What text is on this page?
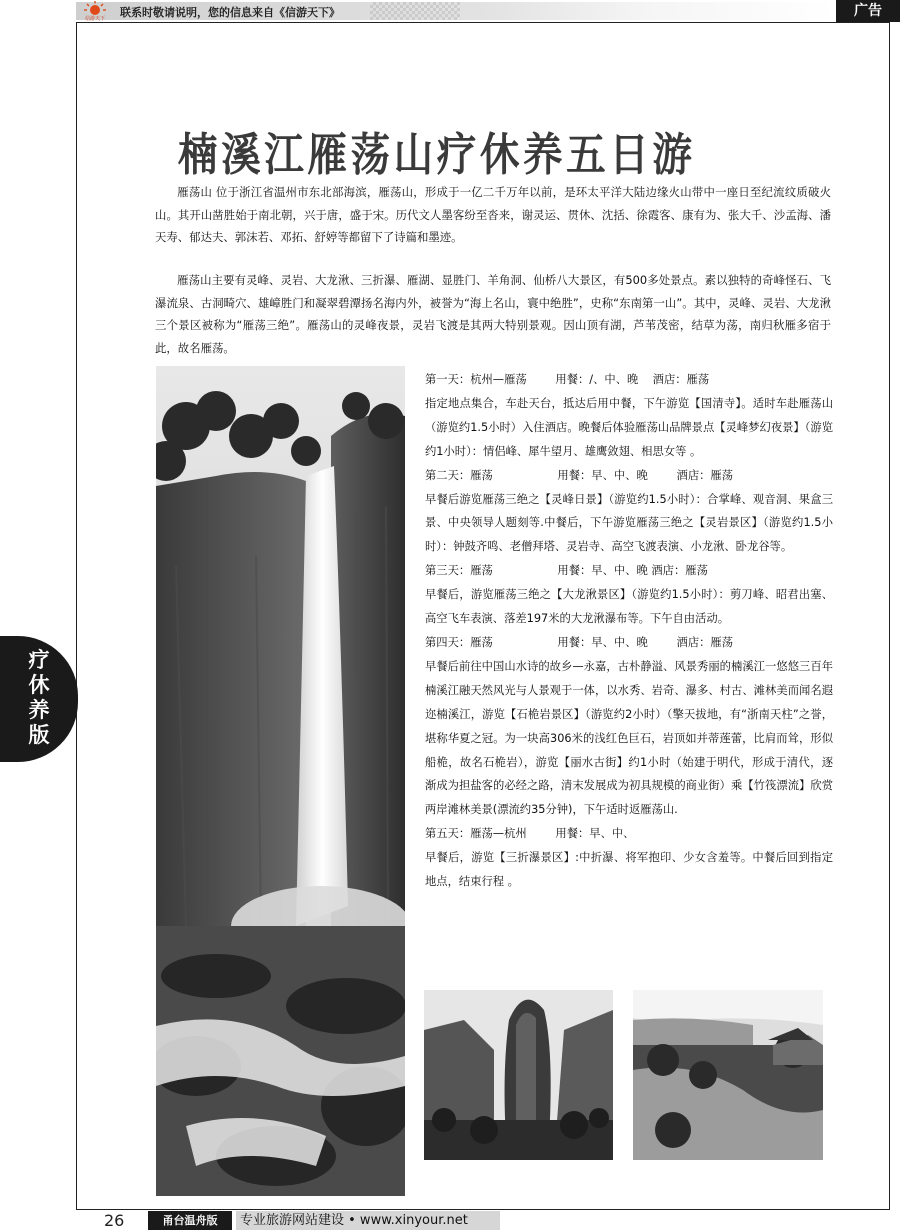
信游天下 联系时敬请说明，您的信息来自《信游天下》	广告
疗
休
养
版
楠溪江雁荡山疗休养五日游

雁荡山 位于浙江省温州市东北部海滨，雁荡山，形成于一亿二千万年以前，是环太平洋大陆边缘火山带中一座日至纪流纹质破火山。其开山凿胜始于南北朝，兴于唐，盛于宋。历代文人墨客纷至沓来，谢灵运、贯休、沈括、徐霞客、康有为、张大千、沙孟海、潘天寿、郁达夫、郭沫若、邓拓、舒婷等都留下了诗篇和墨迹。

雁荡山主要有灵峰、灵岩、大龙湫、三折瀑、雁湖、显胜门、羊角洞、仙桥八大景区，有500多处景点。素以独特的奇峰怪石、飞瀑流泉、古洞畸穴、雄嶂胜门和凝翠碧潭扬名海内外，被誉为“海上名山，寰中绝胜”，史称“东南第一山”。其中，灵峰、灵岩、大龙湫三个景区被称为“雁荡三绝”。雁荡山的灵峰夜景，灵岩飞渡是其两大特别景观。因山顶有湖，芦苇茂密，结草为荡，南归秋雁多宿于此，故名雁荡。

第一天：杭州—雁荡        用餐：/、中、晚    酒店：雁荡

指定地点集合，车赴天台，抵达后用中餐，下午游览【国清寺】。适时车赴雁荡山（游览约1.5小时）入住酒店。晚餐后体验雁荡山品牌景点【灵峰梦幻夜景】（游览约1小时）：情侣峰、犀牛望月、雄鹰敛翅、相思女等 。

第二天：雁荡                  用餐：早、中、晚        酒店：雁荡

早餐后游览雁荡三绝之【灵峰日景】（游览约1.5小时）：合掌峰、观音洞、果盒三景、中央领导人题刻等.中餐后，下午游览雁荡三绝之【灵岩景区】（游览约1.5小时）：钟鼓齐鸣、老僧拜塔、灵岩寺、高空飞渡表演、小龙湫、卧龙谷等。

第三天：雁荡                  用餐：早、中、晚 酒店：雁荡

早餐后，游览雁荡三绝之【大龙湫景区】（游览约1.5小时）：剪刀峰、昭君出塞、高空飞车表演、落差197米的大龙湫瀑布等。下午自由活动。

第四天：雁荡                  用餐：早、中、晚        酒店：雁荡

早餐后前往中国山水诗的故乡—永嘉，古朴静溢、风景秀丽的楠溪江一悠悠三百年楠溪江融天然风光与人景观于一体，以水秀、岩奇、瀑多、村古、滩林美而闻名遐迩楠溪江，游览【石桅岩景区】（游览约2小时）（擎天拔地，有“浙南天柱”之誉，堪称华夏之冠。为一块高306米的浅红色巨石，岩顶如并蒂莲蕾，比肩而耸，形似船桅，故名石桅岩），游览【丽水古街】约1小时（始建于明代，形成于清代，逐渐成为担盐客的必经之路，清末发展成为初具规模的商业街）乘【竹筏漂流】欣赏两岸滩林美景(漂流约35分钟)，下午适时返雁荡山.

第五天：雁荡—杭州        用餐：早、中、

早餐后，游览【三折瀑景区】:中折瀑、将军抱印、少女含羞等。中餐后回到指定地点，结束行程 。

26	甬台温舟版	专业旅游网站建设 • www.xinyour.net
